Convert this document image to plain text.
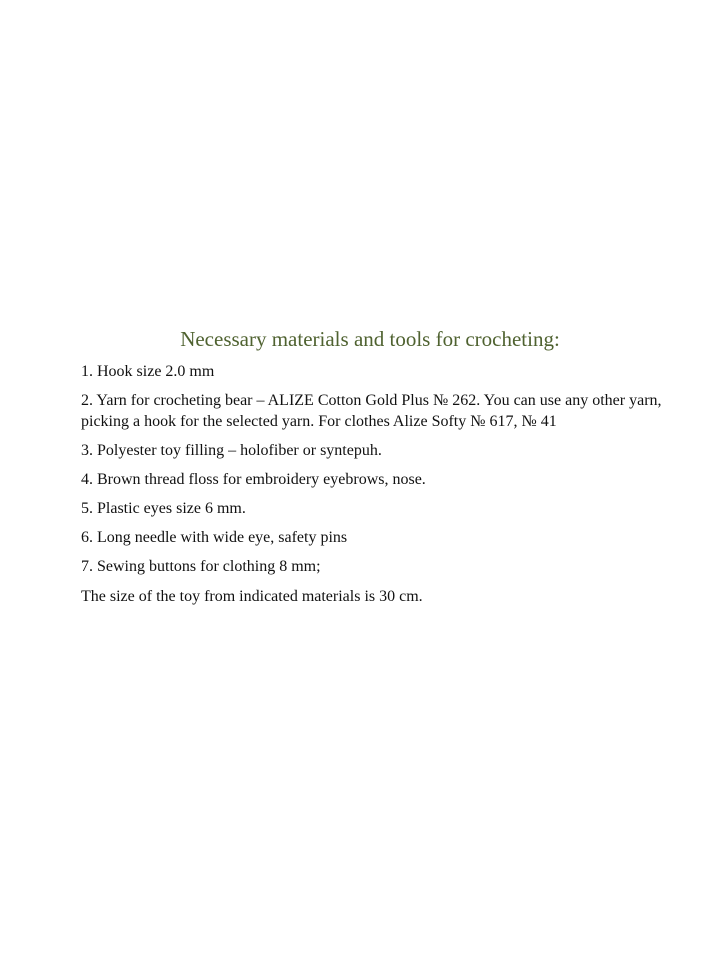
Necessary materials and tools for crocheting:
1. Hook size 2.0 mm
2. Yarn for crocheting bear – ALIZE Cotton Gold Plus № 262. You can use any other yarn, picking a hook for the selected yarn. For clothes Alize Softy № 617, № 41
3. Polyester toy filling – holofiber or syntepuh.
4. Brown thread floss for embroidery eyebrows, nose.
5. Plastic eyes size 6 mm.
6. Long needle with wide eye, safety pins
7. Sewing buttons for clothing 8 mm;

The size of the toy from indicated materials is 30 cm.
